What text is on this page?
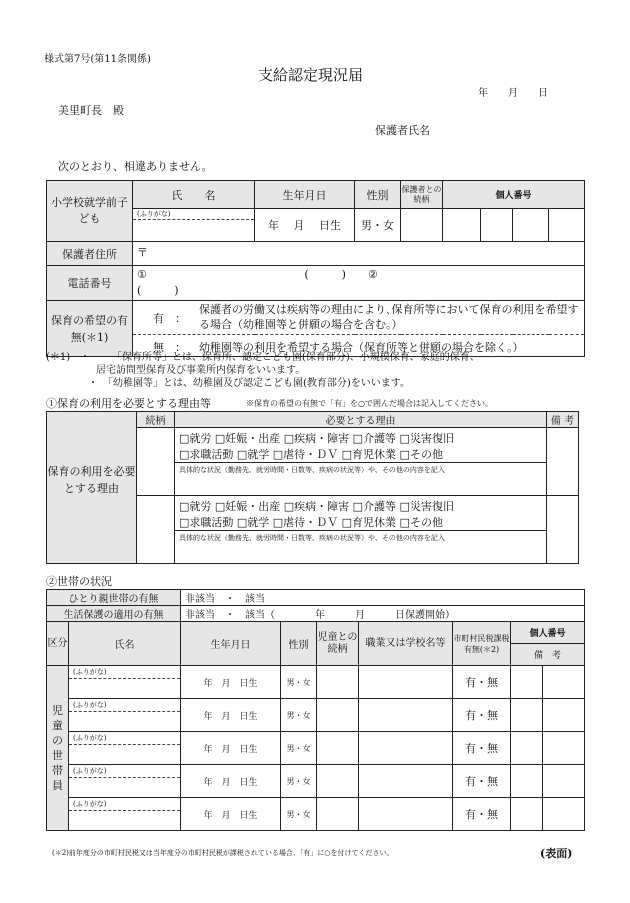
様式第7号(第11条関係)
支給認定現況届
年　　月　　日
美里町長　殿
保護者氏名
次のとおり、相違ありません。
小学校就学前子ども	氏　　名	生年月日	性別	保護者との続柄	個人番号			
	(ふりがな)	年　 月　 日生	男・女					

保護者住所	〒							
電話番号	①　　　　　　　　　　　　　　 (　　　)　　②　　　　　　　　　　　　　　　 (　　　)							
保育の希望の有無(＊1)	有　：
保護者の労働又は疾病等の理由により､保育所等において保育の利用を希望する場合（幼稚園等と併願の場合を含む｡）							

	無　： 幼稚園等の利用を希望する場合（保育所等と併願の場合を除く｡）							
(＊1)　・ 「保育所等」とは、保育所、認定こども園(保育部分)、小規模保育、家庭的保育、
居宅訪問型保育及び事業所内保育をいいます。
・　「幼稚園等」とは、幼稚園及び認定こども園(教育部分)をいいます。
①保育の利用を必要とする理由等	※保育の希望の有無で「有」を○で囲んだ場合は記入してください。
	続柄	必要とする理由	備 考

		□就労 □妊娠・出産 □疾病・障害 □介護等 □災害復旧
□求職活動 □就学 □虐待・ＤＶ □育児休業 □その他
具体的な状況（勤務先、就労時間・日数等、疾病の状況等）や、その他の内容を記入	

		□就労 □妊娠・出産 □疾病・障害 □介護等 □災害復旧
□求職活動 □就学 □虐待・ＤＶ □育児休業 □その他
具体的な状況（勤務先、就労時間・日数等、疾病の状況等）や、その他の内容を記入	

保育の利用を必要とする理由
②世帯の状況
ひとり親世帯の有無	非該当　・　該当
生活保護の適用の有無	非該当　・　該当（　　　　年　　　月　　　日保護開始）
区分	氏名	生年月日	性別	児童との続柄	職業又は学校名等	市町村民税課税有無(＊2)	個人番号	
							備　考	
児童の世帯員	(ふりがな)	年　月　日生	男・女			有・無		

	(ふりがな)	年　月　日生	男・女			有・無		

	(ふりがな)	年　月　日生	男・女			有・無		

	(ふりがな)	年　月　日生	男・女			有・無		

	(ふりがな)	年　月　日生	男・女			有・無		
(＊2)前年度分の市町村民税又は当年度分の市町村民税が課税されている場合、「有」に○を付けてください。	(表面)
